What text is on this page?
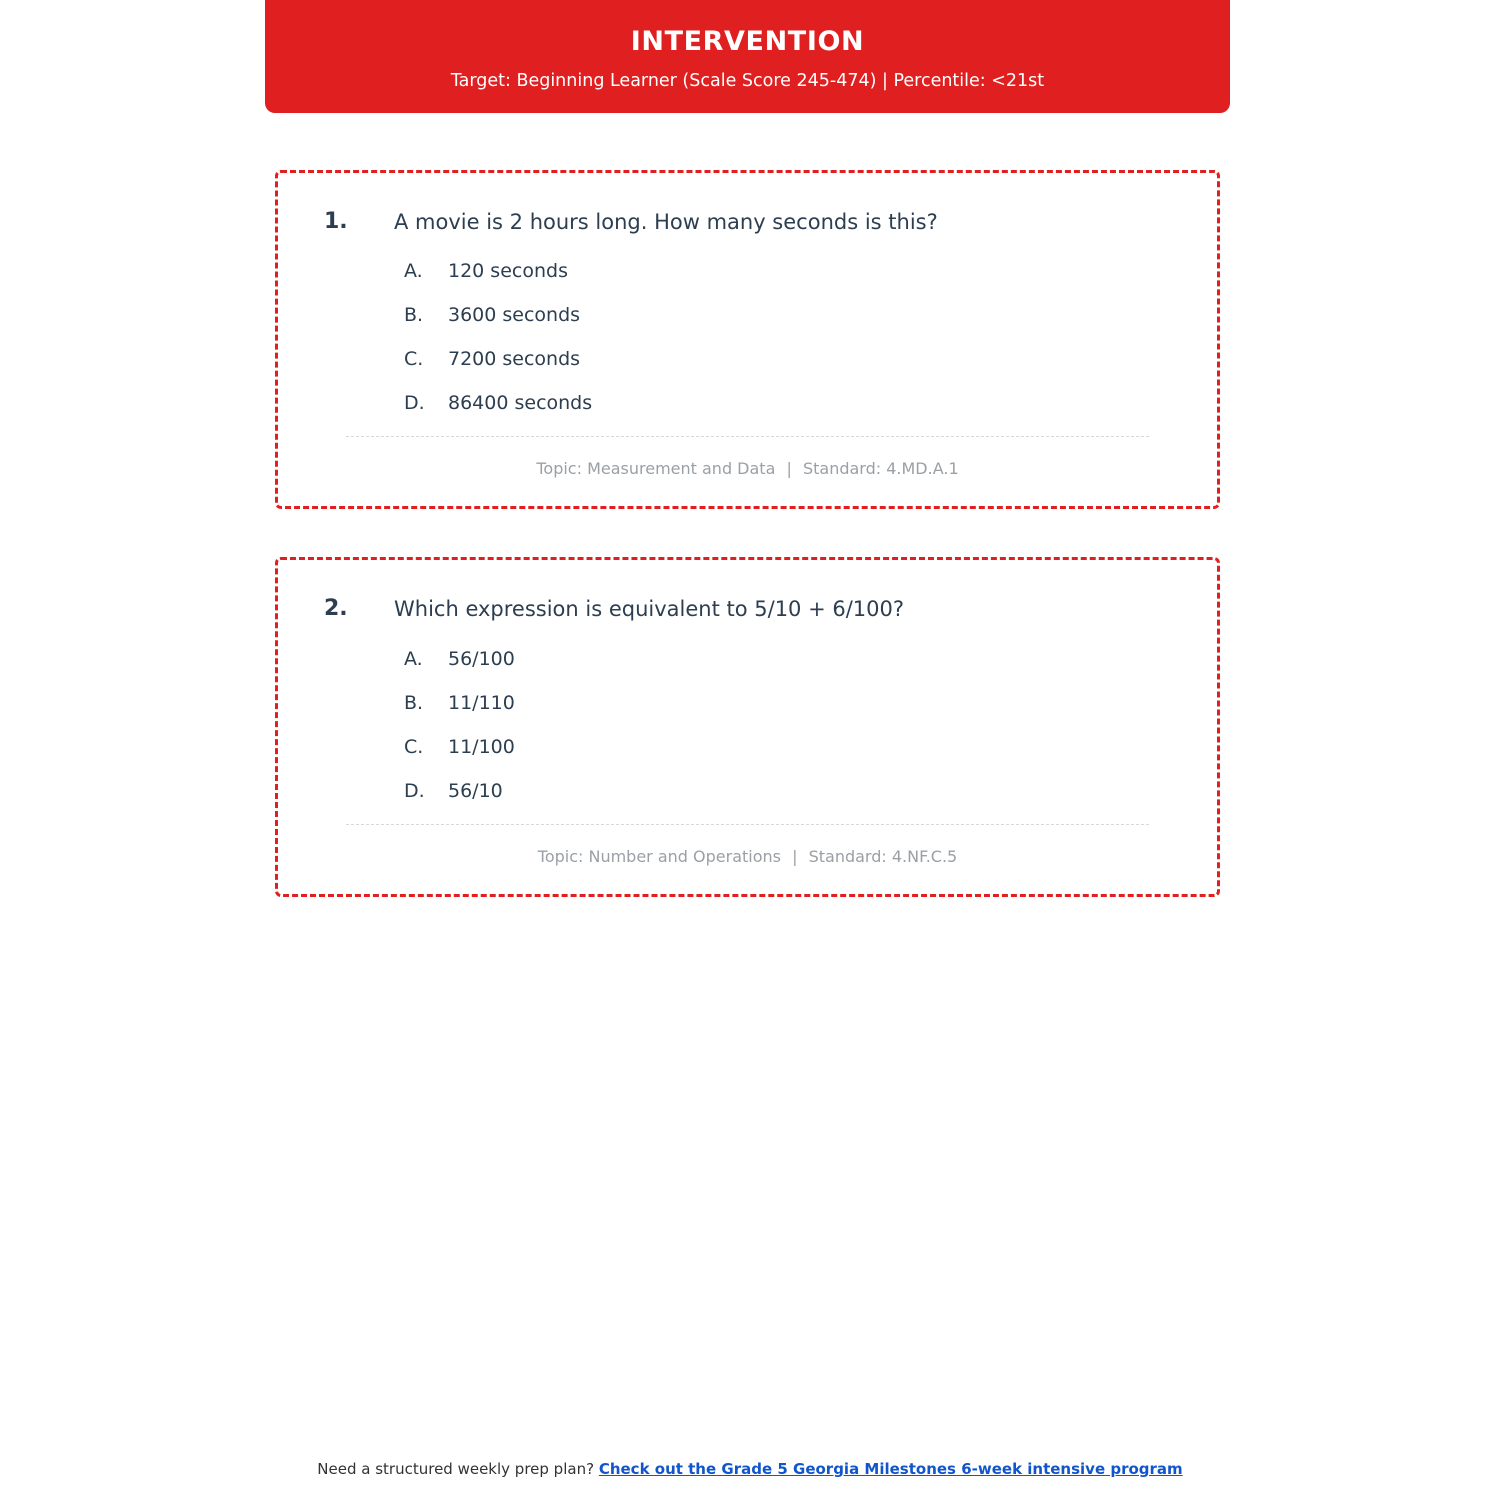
INTERVENTION
Target: Beginning Learner (Scale Score 245-474) | Percentile: <21st
1.	A movie is 2 hours long. How many seconds is this?
A.	120 seconds
B.	3600 seconds
C.	7200 seconds
D.	86400 seconds
Topic: Measurement and Data | Standard: 4.MD.A.1
2.	Which expression is equivalent to 5/10 + 6/100?
A.	56/100
B.	11/110
C.	11/100
D.	56/10
Topic: Number and Operations | Standard: 4.NF.C.5
Need a structured weekly prep plan? Check out the Grade 5 Georgia Milestones 6-week intensive program
